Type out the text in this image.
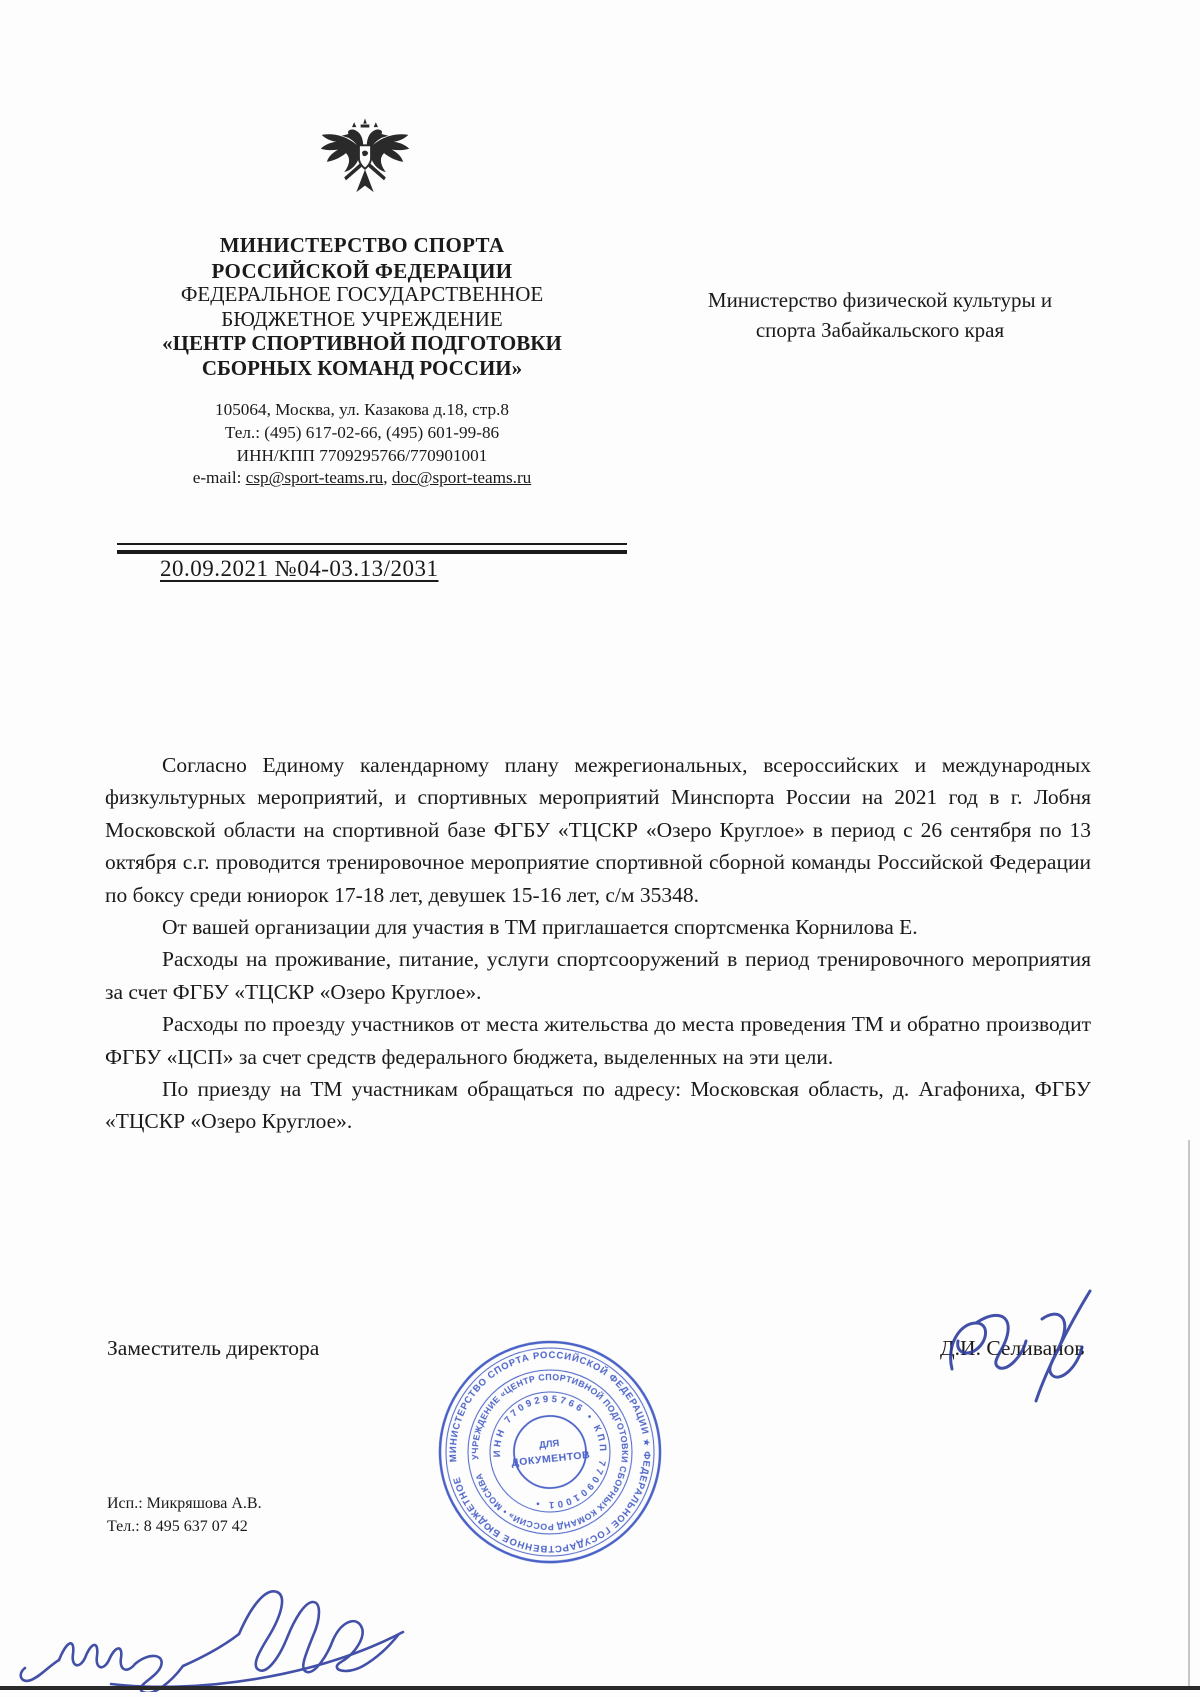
МИНИСТЕРСТВО СПОРТА
РОССИЙСКОЙ ФЕДЕРАЦИИ
ФЕДЕРАЛЬНОЕ ГОСУДАРСТВЕННОЕ
БЮДЖЕТНОЕ УЧРЕЖДЕНИЕ
«ЦЕНТР СПОРТИВНОЙ ПОДГОТОВКИ
СБОРНЫХ КОМАНД РОССИИ»
105064, Москва, ул. Казакова д.18, стр.8
Тел.: (495) 617-02-66, (495) 601-99-86
ИНН/КПП 7709295766/770901001
e-mail: csp@sport-teams.ru, doc@sport-teams.ru
20.09.2021 №04-03.13/2031
Министерство физической культуры и
спорта Забайкальского края

Согласно Единому календарному плану межрегиональных, всероссийских и международных физкультурных мероприятий, и спортивных мероприятий Минспорта России на 2021 год в г. Лобня Московской области на спортивной базе ФГБУ «ТЦСКР «Озеро Круглое» в период с 26 сентября по 13 октября с.г. проводится тренировочное мероприятие спортивной сборной команды Российской Федерации по боксу среди юниорок 17-18 лет, девушек 15-16 лет, с/м 35348.

От вашей организации для участия в ТМ приглашается спортсменка Корнилова Е.

Расходы на проживание, питание, услуги спортсооружений в период тренировочного мероприятия за счет ФГБУ «ТЦСКР «Озеро Круглое».

Расходы по проезду участников от места жительства до места проведения ТМ и обратно производит ФГБУ «ЦСП» за счет средств федерального бюджета, выделенных на эти цели.

По приезду на ТМ участникам обращаться по адресу: Московская область, д. Агафониха, ФГБУ «ТЦСКР «Озеро Круглое».

Заместитель директора	Д.И. Селиванов
МИНИСТЕРСТВО СПОРТА РОССИЙСКОЙ ФЕДЕРАЦИИ ★ ФЕДЕРАЛЬНОЕ ГОСУДАРСТВЕННОЕ БЮДЖЕТНОЕ
УЧРЕЖДЕНИЕ «ЦЕНТР СПОРТИВНОЙ ПОДГОТОВКИ СБОРНЫХ КОМАНД РОССИИ» • МОСКВА
ИНН 7709295766 • КПП 770901001 •
ДЛЯ
ДОКУМЕНТОВ
Исп.: Микряшова А.В.
Тел.: 8 495 637 07 42
